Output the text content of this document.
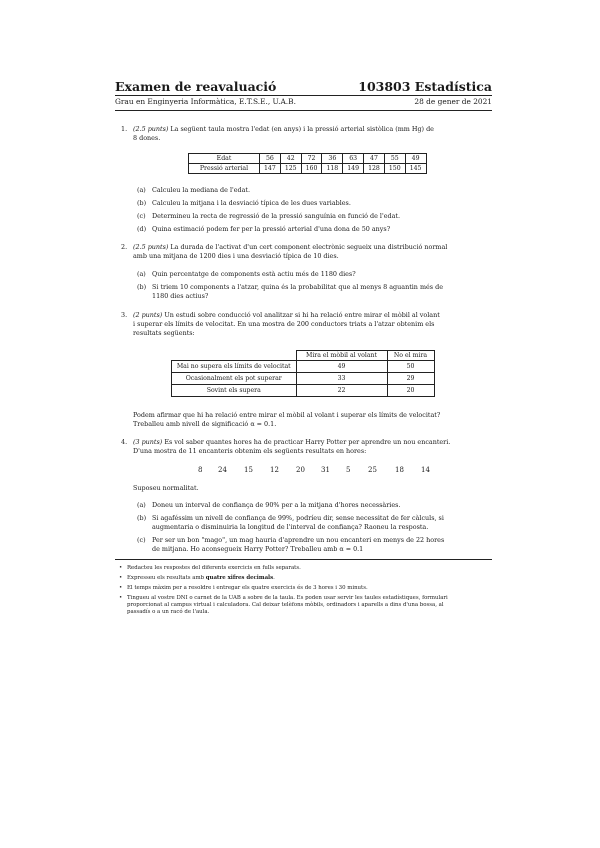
Examen de reavaluació	103803 Estadística
Grau en Enginyeria Informàtica, E.T.S.E., U.A.B.	28 de gener de 2021
1. (2.5 punts) La següent taula mostra l'edat (en anys) i la pressió arterial sistòlica (mm Hg) de
8 dones.
Edat	56	42	72	36	63	47	55	49
Pressió arterial	147	125	160	118	149	128	150	145
(a) Calculeu la mediana de l'edat.
(b) Calculeu la mitjana i la desviació típica de les dues variables.
(c) Determineu la recta de regressió de la pressió sanguínia en funció de l'edat.
(d) Quina estimació podem fer per la pressió arterial d'una dona de 50 anys?
2. (2.5 punts) La durada de l'activat d'un cert component electrònic segueix una distribució normal
amb una mitjana de 1200 dies i una desviació típica de 10 dies.
(a) Quin percentatge de components està actiu més de 1180 dies?
(b) Si triem 10 components a l'atzar, quina és la probabilitat que al menys 8 aguantin més de
1180 dies actius?
3. (2 punts) Un estudi sobre conducció vol analitzar si hi ha relació entre mirar el mòbil al volant
i superar els límits de velocitat. En una mostra de 200 conductors triats a l'atzar obtenim els
resultats següents:
	Mira el mòbil al volant	No el mira
Mai no supera els límits de velocitat	49	50
Ocasionalment els pot superar	33	29
Sovint els supera	22	20
Podem afirmar que hi ha relació entre mirar el mòbil al volant i superar els límits de velocitat?
Treballeu amb nivell de significació α = 0.1.
4. (3 punts) Es vol saber quantes hores ha de practicar Harry Potter per aprendre un nou encanteri.
D'una mostra de 11 encanteris obtenim els següents resultats en hores:
8 24 15 12 20 31 5	25	18 14
Suposeu normalitat.
(a) Doneu un interval de confiança de 90% per a la mitjana d'hores necessàries.
(b) Si agaféssim un nivell de confiança de 99%, podríeu dir, sense necessitat de fer càlculs, si
augmentaria o disminuiria la longitud de l'interval de confiança? Raoneu la resposta.
(c) Per ser un bon "mago", un mag hauria d'aprendre un nou encanteri en menys de 22 hores
de mitjana. Ho aconsegueix Harry Potter? Treballeu amb α = 0.1
• Redacteu les respostes del diferents exercicis en fulls separats.
• Expresseu els resultats amb quatre xifres decimals.
• El temps màxim per a resoldre i entregar els quatre exercicis és de 3 hores i 30 minuts.
• Tingueu al vostre DNI o carnet de la UAB a sobre de la taula. Es poden usar servir les taules estadístiques, formulari
proporcionat al campus virtual i calculadora. Cal deixar telèfons mòbils, ordinadors i aparells a dins d'una bossa, al
passadís o a un racó de l'aula.
